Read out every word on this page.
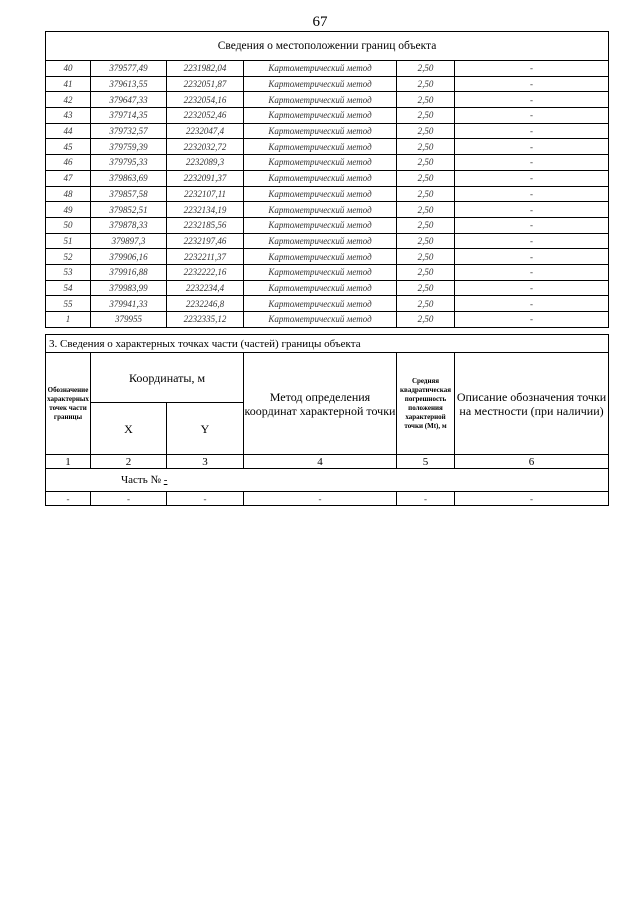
67
Сведения о местоположении границ объекта					
40	379577,49	2231982,04	Картометрический метод	2,50	-
41	379613,55	2232051,87	Картометрический метод	2,50	-
42	379647,33	2232054,16	Картометрический метод	2,50	-
43	379714,35	2232052,46	Картометрический метод	2,50	-
44	379732,57	2232047,4	Картометрический метод	2,50	-
45	379759,39	2232032,72	Картометрический метод	2,50	-
46	379795,33	2232089,3	Картометрический метод	2,50	-
47	379863,69	2232091,37	Картометрический метод	2,50	-
48	379857,58	2232107,11	Картометрический метод	2,50	-
49	379852,51	2232134,19	Картометрический метод	2,50	-
50	379878,33	2232185,56	Картометрический метод	2,50	-
51	379897,3	2232197,46	Картометрический метод	2,50	-
52	379906,16	2232211,37	Картометрический метод	2,50	-
53	379916,88	2232222,16	Картометрический метод	2,50	-
54	379983,99	2232234,4	Картометрический метод	2,50	-
55	379941,33	2232246,8	Картометрический метод	2,50	-
1	379955	2232335,12	Картометрический метод	2,50	-
3. Сведения о характерных точках части (частей) границы объекта					
Обозначение характерных точек части границы	Координаты, м		Метод определения координат характерной точки	Средняя квадратическая погрешность положения характерной точки (Mt), м	Описание обозначения точки на местности (при наличии)
	X	Y			
1	2	3	4	5	6
Часть № -					
-	-	-	-	-	-
